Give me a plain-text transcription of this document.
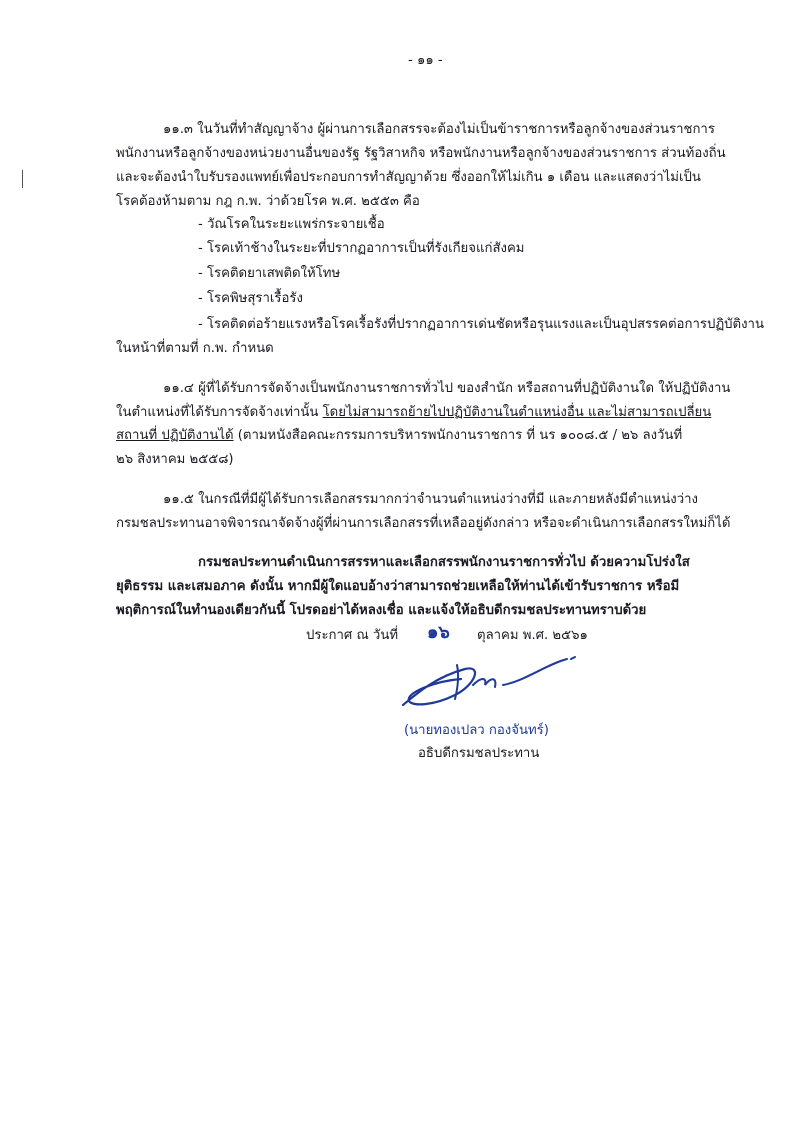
- ๑๑ -
๑๑.๓ ในวันที่ทำสัญญาจ้าง ผู้ผ่านการเลือกสรรจะต้องไม่เป็นข้าราชการหรือลูกจ้างของส่วนราชการ
พนักงานหรือลูกจ้างของหน่วยงานอื่นของรัฐ รัฐวิสาหกิจ หรือพนักงานหรือลูกจ้างของส่วนราชการ ส่วนท้องถิ่น
และจะต้องนำใบรับรองแพทย์เพื่อประกอบการทำสัญญาด้วย ซึ่งออกให้ไม่เกิน ๑ เดือน และแสดงว่าไม่เป็น
โรคต้องห้ามตาม กฎ ก.พ. ว่าด้วยโรค พ.ศ. ๒๕๕๓ คือ
- วัณโรคในระยะแพร่กระจายเชื้อ
- โรคเท้าช้างในระยะที่ปรากฏอาการเป็นที่รังเกียจแก่สังคม
- โรคติดยาเสพติดให้โทษ
- โรคพิษสุราเรื้อรัง
- โรคติดต่อร้ายแรงหรือโรคเรื้อรังที่ปรากฏอาการเด่นชัดหรือรุนแรงและเป็นอุปสรรคต่อการปฏิบัติงาน
ในหน้าที่ตามที่ ก.พ. กำหนด
๑๑.๔ ผู้ที่ได้รับการจัดจ้างเป็นพนักงานราชการทั่วไป ของสำนัก หรือสถานที่ปฏิบัติงานใด ให้ปฏิบัติงาน
ในตำแหน่งที่ได้รับการจัดจ้างเท่านั้น โดยไม่สามารถย้ายไปปฏิบัติงานในตำแหน่งอื่น และไม่สามารถเปลี่ยน
สถานที่ ปฏิบัติงานได้ (ตามหนังสือคณะกรรมการบริหารพนักงานราชการ ที่ นร ๑๐๐๘.๕ / ๒๖ ลงวันที่
๒๖ สิงหาคม ๒๕๕๘)
๑๑.๕ ในกรณีที่มีผู้ได้รับการเลือกสรรมากกว่าจำนวนตำแหน่งว่างที่มี และภายหลังมีตำแหน่งว่าง
กรมชลประทานอาจพิจารณาจัดจ้างผู้ที่ผ่านการเลือกสรรที่เหลืออยู่ดังกล่าว หรือจะดำเนินการเลือกสรรใหม่ก็ได้
กรมชลประทานดำเนินการสรรหาและเลือกสรรพนักงานราชการทั่วไป ด้วยความโปร่งใส
ยุติธรรม และเสมอภาค ดังนั้น หากมีผู้ใดแอบอ้างว่าสามารถช่วยเหลือให้ท่านได้เข้ารับราชการ หรือมี
พฤติการณ์ในทำนองเดียวกันนี้ โปรดอย่าได้หลงเชื่อ และแจ้งให้อธิบดีกรมชลประทานทราบด้วย
ประกาศ ณ วันที่ ๑๖ ตุลาคม พ.ศ. ๒๕๖๑
(นายทองเปลว กองจันทร์)
อธิบดีกรมชลประทาน
